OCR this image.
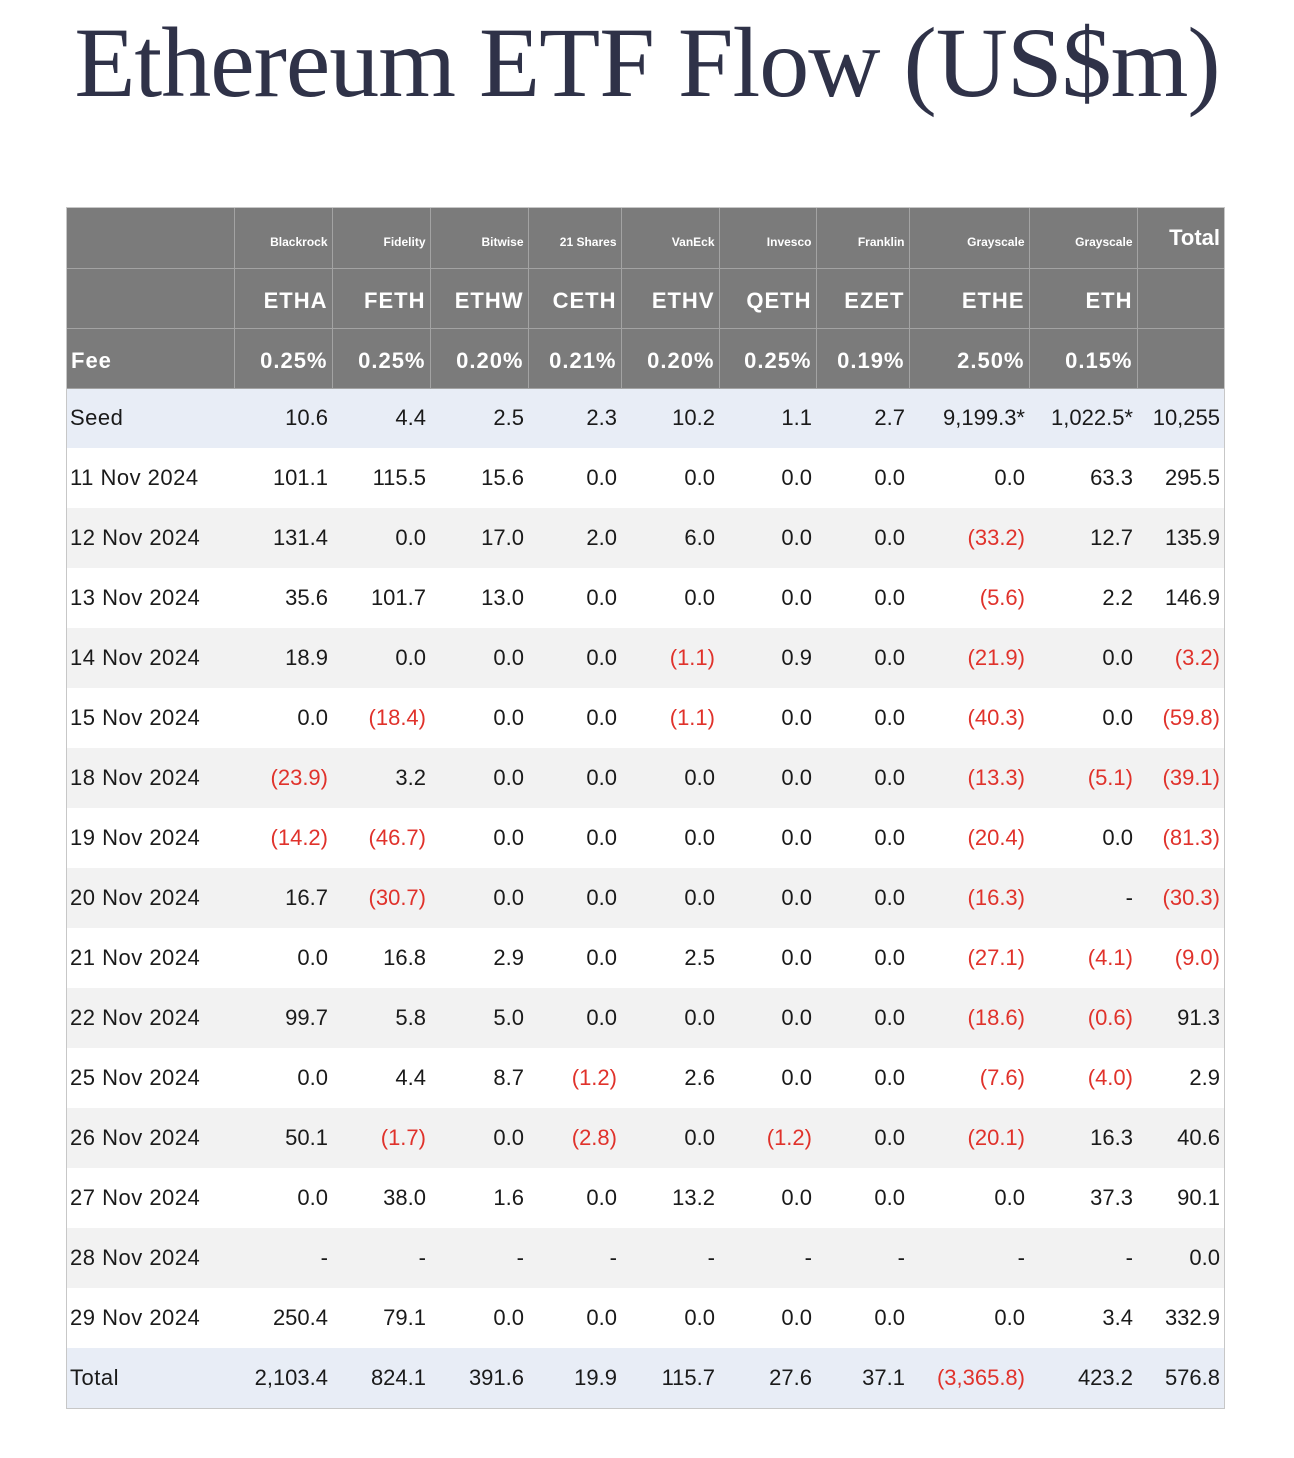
Ethereum ETF Flow (US$m)
	Blackrock	Fidelity	Bitwise	21 Shares	VanEck	Invesco	Franklin	Grayscale	Grayscale	Total
	ETHA	FETH	ETHW	CETH	ETHV	QETH	EZET	ETHE	ETH	
Fee	0.25%	0.25%	0.20%	0.21%	0.20%	0.25%	0.19%	2.50%	0.15%	
Seed	10.6	4.4	2.5	2.3	10.2	1.1	2.7	9,199.3*	1,022.5*	10,255
11 Nov 2024	101.1	115.5	15.6	0.0	0.0	0.0	0.0	0.0	63.3	295.5
12 Nov 2024	131.4	0.0	17.0	2.0	6.0	0.0	0.0	(33.2)	12.7	135.9
13 Nov 2024	35.6	101.7	13.0	0.0	0.0	0.0	0.0	(5.6)	2.2	146.9
14 Nov 2024	18.9	0.0	0.0	0.0	(1.1)	0.9	0.0	(21.9)	0.0	(3.2)
15 Nov 2024	0.0	(18.4)	0.0	0.0	(1.1)	0.0	0.0	(40.3)	0.0	(59.8)
18 Nov 2024	(23.9)	3.2	0.0	0.0	0.0	0.0	0.0	(13.3)	(5.1)	(39.1)
19 Nov 2024	(14.2)	(46.7)	0.0	0.0	0.0	0.0	0.0	(20.4)	0.0	(81.3)
20 Nov 2024	16.7	(30.7)	0.0	0.0	0.0	0.0	0.0	(16.3)	-	(30.3)
21 Nov 2024	0.0	16.8	2.9	0.0	2.5	0.0	0.0	(27.1)	(4.1)	(9.0)
22 Nov 2024	99.7	5.8	5.0	0.0	0.0	0.0	0.0	(18.6)	(0.6)	91.3
25 Nov 2024	0.0	4.4	8.7	(1.2)	2.6	0.0	0.0	(7.6)	(4.0)	2.9
26 Nov 2024	50.1	(1.7)	0.0	(2.8)	0.0	(1.2)	0.0	(20.1)	16.3	40.6
27 Nov 2024	0.0	38.0	1.6	0.0	13.2	0.0	0.0	0.0	37.3	90.1
28 Nov 2024	-	-	-	-	-	-	-	-	-	0.0
29 Nov 2024	250.4	79.1	0.0	0.0	0.0	0.0	0.0	0.0	3.4	332.9
Total	2,103.4	824.1	391.6	19.9	115.7	27.6	37.1	(3,365.8)	423.2	576.8
